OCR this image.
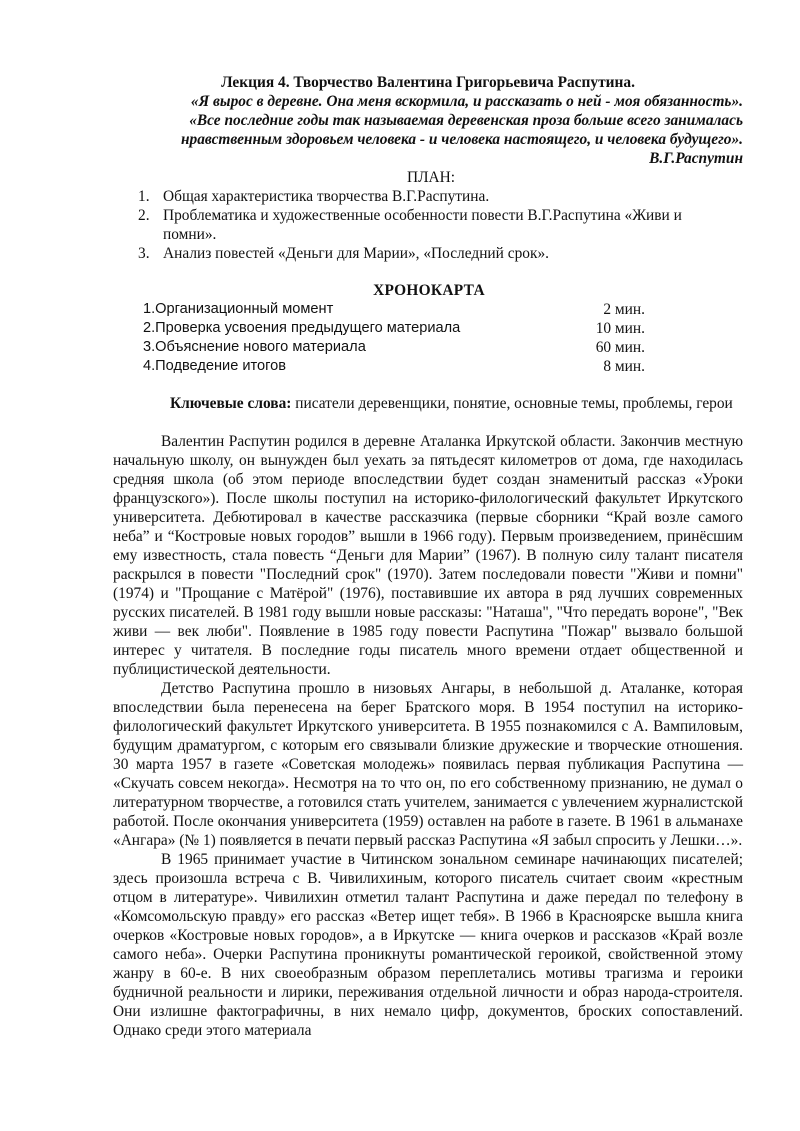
Лекция 4. Творчество Валентина Григорьевича Распутина.

«Я вырос в деревне. Она меня вскормила, и рассказать о ней - моя обязанность».

«Все последние годы так называемая деревенская проза больше всего занималась нравственным здоровьем человека - и человека настоящего, и человека будущего».

В.Г.Распутин

ПЛАН:

1. Общая характеристика творчества В.Г.Распутина.
2. Проблематика и художественные особенности повести В.Г.Распутина «Живи и помни».
3. Анализ повестей «Деньги для Марии», «Последний срок».

ХРОНОКАРТА

1.Организационный момент	2 мин.
2.Проверка усвоения предыдущего материала	10 мин.
3.Объяснение нового материала	60 мин.
4.Подведение итогов	8 мин.

Ключевые слова: писатели деревенщики, понятие, основные темы, проблемы, герои

Валентин Распутин родился в деревне Аталанка Иркутской области. Закончив местную начальную школу, он вынужден был уехать за пятьдесят километров от дома, где находилась средняя школа (об этом периоде впоследствии будет создан знаменитый рассказ «Уроки французского»). После школы поступил на историко-филологический факультет Иркутского университета. Дебютировал в качестве рассказчика (первые сборники “Край возле самого неба” и “Костровые новых городов” вышли в 1966 году). Первым произведением, принёсшим ему известность, стала повесть “Деньги для Марии” (1967). В полную силу талант писателя раскрылся в повести "Последний срок" (1970). Затем последовали повести "Живи и помни" (1974) и "Прощание с Матёрой" (1976), поставившие их автора в ряд лучших современных русских писателей. В 1981 году вышли новые рассказы: "Наташа", "Что передать вороне", "Век живи — век люби". Появление в 1985 году повести Распутина "Пожар" вызвало большой интерес у читателя. В последние годы писатель много времени отдает общественной и публицистической деятельности.

Детство Распутина прошло в низовьях Ангары, в небольшой д. Аталанке, которая впоследствии была перенесена на берег Братского моря. В 1954 поступил на историко-филологический факультет Иркутского университета. В 1955 познакомился с А. Вампиловым, будущим драматургом, с которым его связывали близкие дружеские и творческие отношения. 30 марта 1957 в газете «Советская молодежь» появилась первая публикация Распутина — «Скучать совсем некогда». Несмотря на то что он, по его собственному признанию, не думал о литературном творчестве, а готовился стать учителем, занимается с увлечением журналистской работой. После окончания университета (1959) оставлен на работе в газете. В 1961 в альманахе «Ангара» (№ 1) появляется в печати первый рассказ Распутина «Я забыл спросить у Лешки…».

В 1965 принимает участие в Читинском зональном семинаре начинающих писателей; здесь произошла встреча с В. Чивилихиным, которого писатель считает своим «крестным отцом в литературе». Чивилихин отметил талант Распутина и даже передал по телефону в «Комсомольскую правду» его рассказ «Ветер ищет тебя». В 1966 в Красноярске вышла книга очерков «Костровые новых городов», а в Иркутске — книга очерков и рассказов «Край возле самого неба». Очерки Распутина проникнуты романтической героикой, свойственной этому жанру в 60-е. В них своеобразным образом переплетались мотивы трагизма и героики будничной реальности и лирики, переживания отдельной личности и образ народа-строителя. Они излишне фактографичны, в них немало цифр, документов, броских сопоставлений. Однако среди этого материала
